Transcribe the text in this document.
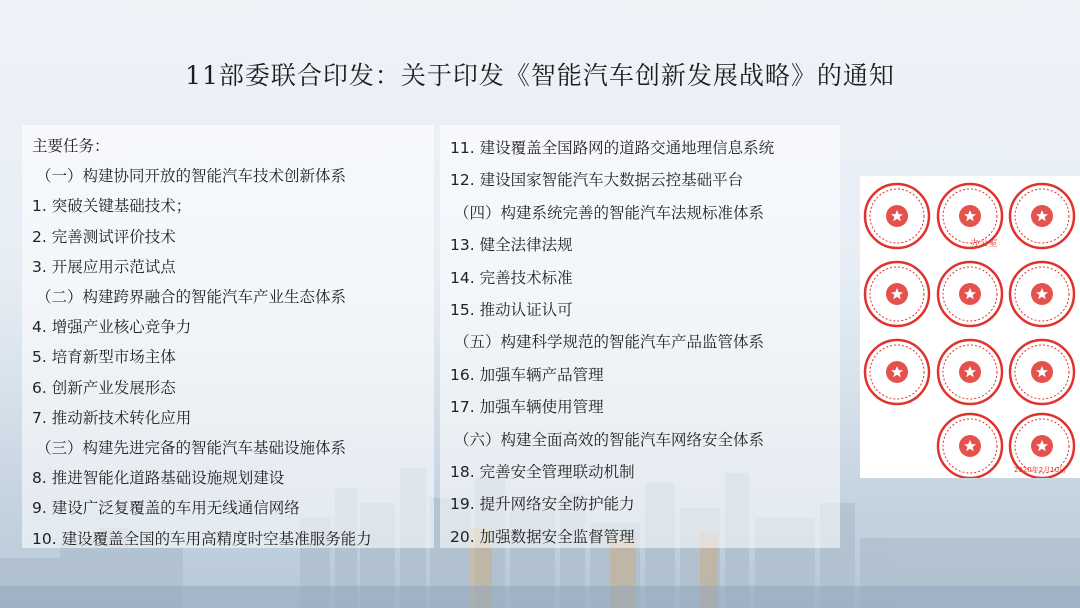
11部委联合印发：关于印发《智能汽车创新发展战略》的通知
主要任务：
（一）构建协同开放的智能汽车技术创新体系
1. 突破关键基础技术；
2. 完善测试评价技术
3. 开展应用示范试点
（二）构建跨界融合的智能汽车产业生态体系
4. 增强产业核心竞争力
5. 培育新型市场主体
6. 创新产业发展形态
7. 推动新技术转化应用
（三）构建先进完备的智能汽车基础设施体系
8. 推进智能化道路基础设施规划建设
9. 建设广泛复覆盖的车用无线通信网络
10. 建设覆盖全国的车用高精度时空基准服务能力
11. 建设覆盖全国路网的道路交通地理信息系统
12. 建设国家智能汽车大数据云控基础平台
（四）构建系统完善的智能汽车法规标准体系
13. 健全法律法规
14. 完善技术标准
15. 推动认证认可
（五）构建科学规范的智能汽车产品监管体系
16. 加强车辆产品管理
17. 加强车辆使用管理
（六）构建全面高效的智能汽车网络安全体系
18. 完善安全管理联动机制
19. 提升网络安全防护能力
20. 加强数据安全监督管理
办公室
2020年2月10日
